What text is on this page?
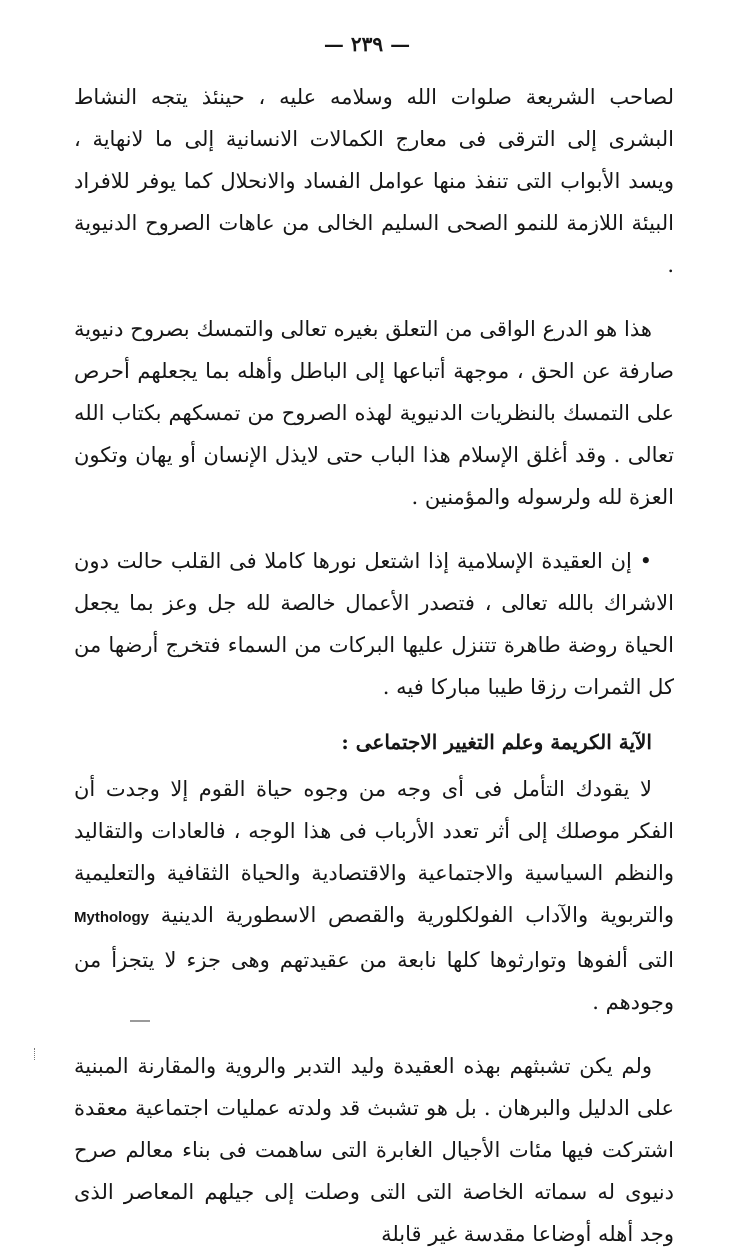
— ٢٣٩ —

لصاحب الشريعة صلوات الله وسلامه عليه ، حينئذ يتجه النشاط البشرى إلى الترقى فى معارج الكمالات الانسانية إلى ما لانهاية ، ويسد الأبواب التى تنفذ منها عوامل الفساد والانحلال كما يوفر للافراد البيئة اللازمة للنمو الصحى السليم الخالى من عاهات الصروح الدنيوية .

هذا هو الدرع الواقى من التعلق بغيره تعالى والتمسك بصروح دنيوية صارفة عن الحق ، موجهة أتباعها إلى الباطل وأهله بما يجعلهم أحرص على التمسك بالنظريات الدنيوية لهذه الصروح من تمسكهم بكتاب الله تعالى . وقد أغلق الإسلام هذا الباب حتى لايذل الإنسان أو يهان وتكون العزة لله ولرسوله والمؤمنين .

• إن العقيدة الإسلامية إذا اشتعل نورها كاملا فى القلب حالت دون الاشراك بالله تعالى ، فتصدر الأعمال خالصة لله جل وعز بما يجعل الحياة روضة طاهرة تتنزل عليها البركات من السماء فتخرج أرضها من كل الثمرات رزقا طيبا مباركا فيه .

الآية الكريمة وعلم التغيير الاجتماعى :

لا يقودك التأمل فى أى وجه من وجوه حياة القوم إلا وجدت أن الفكر موصلك إلى أثر تعدد الأرباب فى هذا الوجه ، فالعادات والتقاليد والنظم السياسية والاجتماعية والاقتصادية والحياة الثقافية والتعليمية والتربوية والآداب الفولكلورية والقصص الاسطورية الدينية Mythology التى ألفوها وتوارثوها كلها نابعة من عقيدتهم وهى جزء لا يتجزأ من وجودهم .

ولم يكن تشبثهم بهذه العقيدة وليد التدبر والروية والمقارنة المبنية على الدليل والبرهان . بل هو تشبث قد ولدته عمليات اجتماعية معقدة اشتركت فيها مئات الأجيال الغابرة التى ساهمت فى بناء معالم صرح دنيوى له سماته الخاصة التى التى وصلت إلى جيلهم المعاصر الذى وجد أهله أوضاعا مقدسة غير قابلة
